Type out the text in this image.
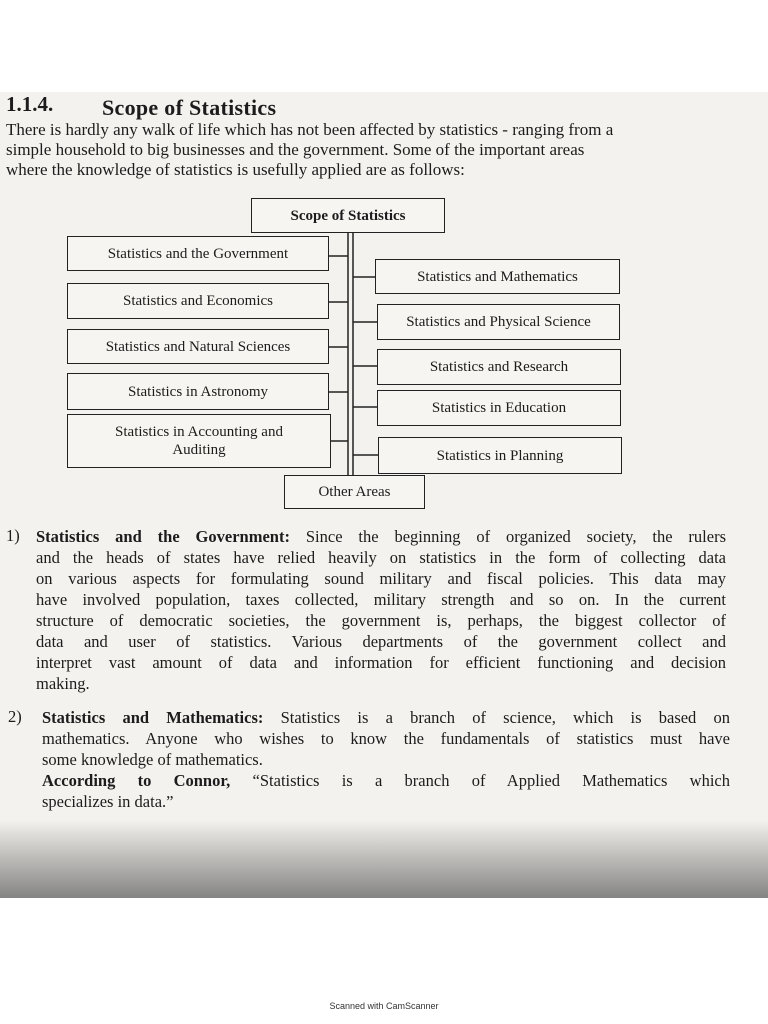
1.1.4. Scope of Statistics
There is hardly any walk of life which has not been affected by statistics - ranging from a
simple household to big businesses and the government. Some of the important areas
where the knowledge of statistics is usefully applied are as follows:
Scope of Statistics
Statistics and the Government
Statistics and Economics
Statistics and Natural Sciences
Statistics in Astronomy
Statistics in Accounting and Auditing
Statistics and Mathematics
Statistics and Physical Science
Statistics and Research
Statistics in Education
Statistics in Planning
Other Areas
1) Statistics and the Government: Since the beginning of organized society, the rulers
and the heads of states have relied heavily on statistics in the form of collecting data
on various aspects for formulating sound military and fiscal policies. This data may
have involved population, taxes collected, military strength and so on. In the current
structure of democratic societies, the government is, perhaps, the biggest collector of
data and user of statistics. Various departments of the government collect and
interpret vast amount of data and information for efficient functioning and decision
making.
2) Statistics and Mathematics: Statistics is a branch of science, which is based on
mathematics. Anyone who wishes to know the fundamentals of statistics must have
some knowledge of mathematics.
According to Connor, “Statistics is a branch of Applied Mathematics which
specializes in data.”
Scanned with CamScanner
